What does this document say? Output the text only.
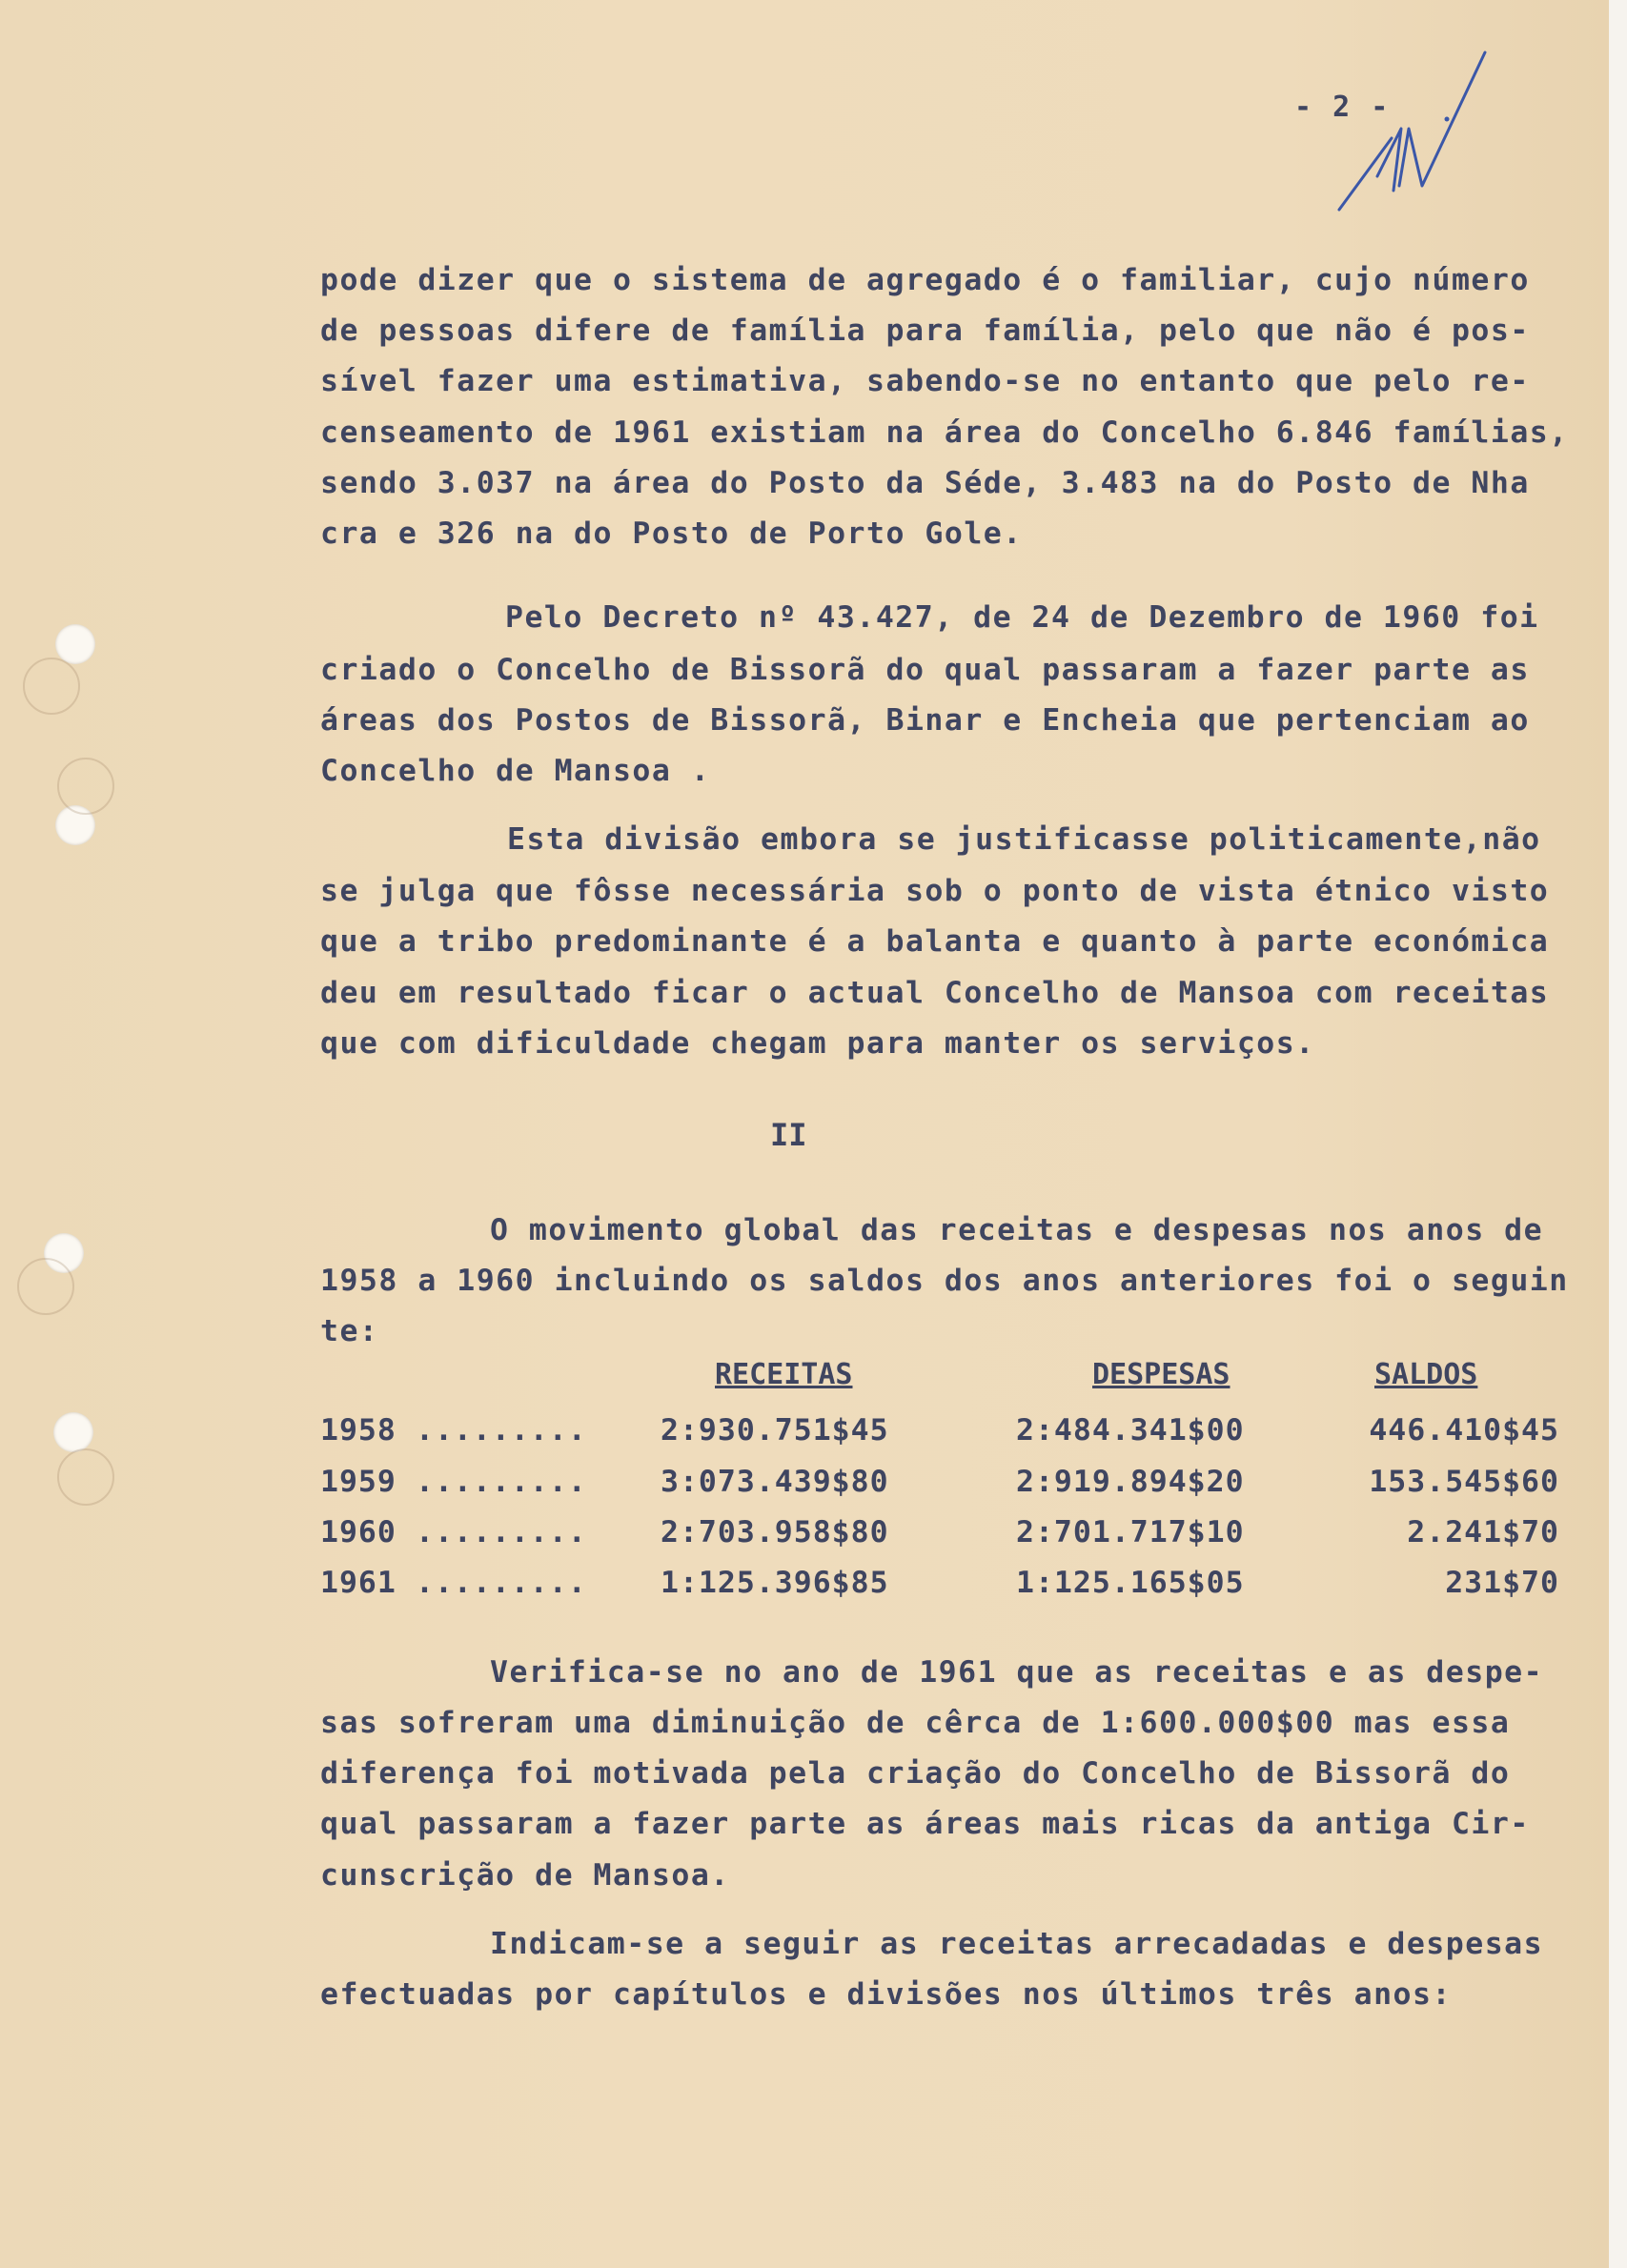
- 2 -
pode dizer que o sistema de agregado é o familiar, cujo número
de pessoas difere de família para família, pelo que não é pos-
sível fazer uma estimativa, sabendo-se no entanto que pelo re-
censeamento de 1961 existiam na área do Concelho 6.846 famílias,
sendo 3.037 na área do Posto da Séde, 3.483 na do Posto de Nha
cra e 326 na do Posto de Porto Gole.
Pelo Decreto nº 43.427, de 24 de Dezembro de 1960 foi
criado o Concelho de Bissorã do qual passaram a fazer parte as
áreas dos Postos de Bissorã, Binar e Encheia que pertenciam ao
Concelho de Mansoa .
Esta divisão embora se justificasse politicamente,não
se julga que fôsse necessária sob o ponto de vista étnico visto
que a tribo predominante é a balanta e quanto à parte económica
deu em resultado ficar o actual Concelho de Mansoa com receitas
que com dificuldade chegam para manter os serviços.
II
O movimento global das receitas e despesas nos anos de
1958 a 1960 incluindo os saldos dos anos anteriores foi o seguin
te:
RECEITAS	DESPESAS	SALDOS
1958 ......... 2:930.751$45	2:484.341$00	446.410$45
1959 ......... 3:073.439$80	2:919.894$20	153.545$60
1960 ......... 2:703.958$80	2:701.717$10	2.241$70
1961 ......... 1:125.396$85	1:125.165$05	231$70
Verifica-se no ano de 1961 que as receitas e as despe-
sas sofreram uma diminuição de cêrca de 1:600.000$00 mas essa
diferença foi motivada pela criação do Concelho de Bissorã do
qual passaram a fazer parte as áreas mais ricas da antiga Cir-
cunscrição de Mansoa.
Indicam-se a seguir as receitas arrecadadas e despesas
efectuadas por capítulos e divisões nos últimos três anos:
